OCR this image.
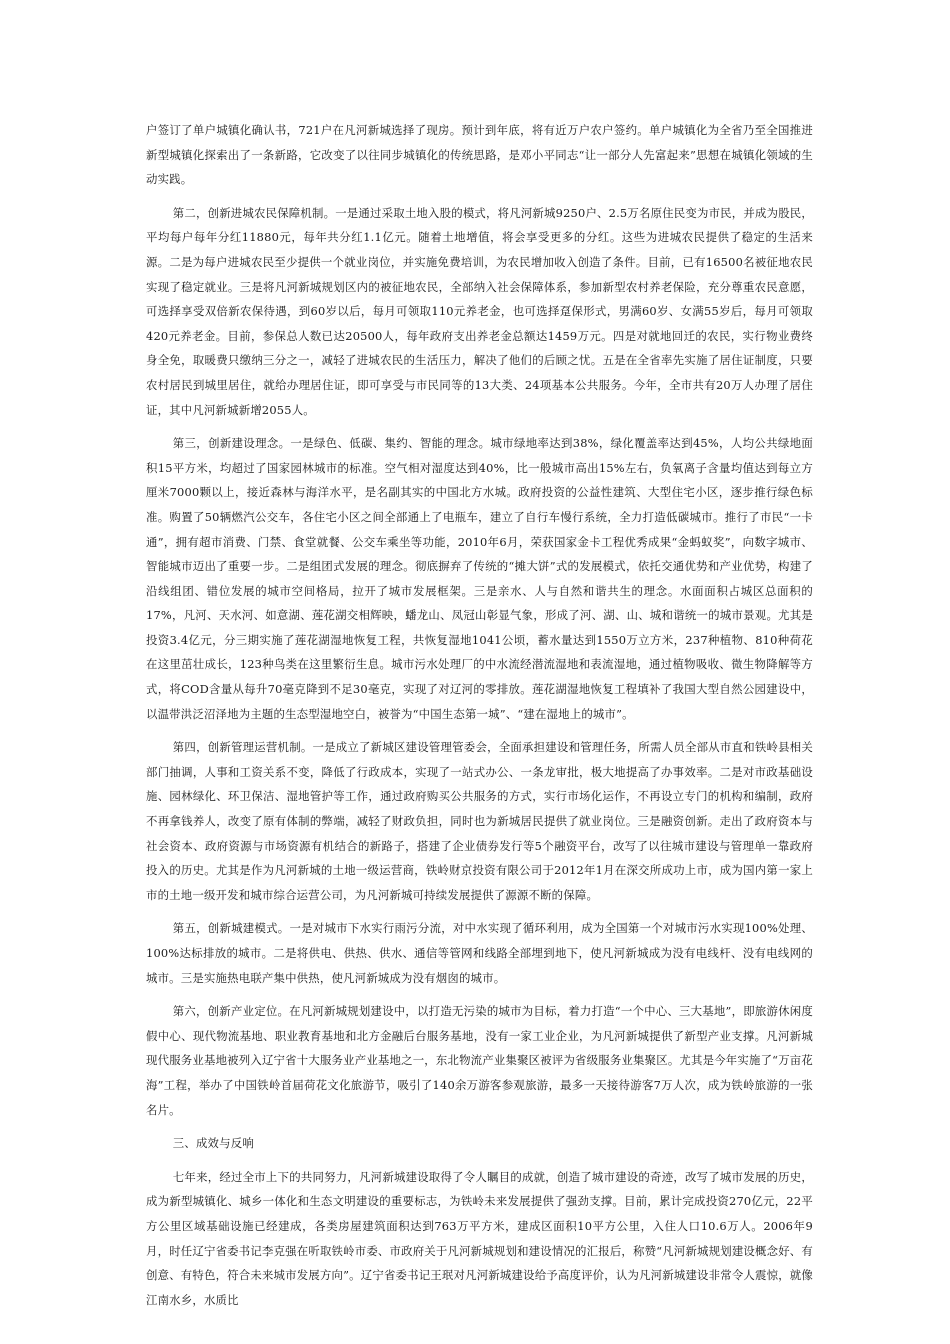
户签订了单户城镇化确认书，721户在凡河新城选择了现房。预计到年底，将有近万户农户签约。单户城镇化为全省乃至全国推进新型城镇化探索出了一条新路，它改变了以往同步城镇化的传统思路，是邓小平同志“让一部分人先富起来”思想在城镇化领域的生动实践。

第二，创新进城农民保障机制。一是通过采取土地入股的模式，将凡河新城9250户、2.5万名原住民变为市民，并成为股民，平均每户每年分红11880元，每年共分红1.1亿元。随着土地增值，将会享受更多的分红。这些为进城农民提供了稳定的生活来源。二是为每户进城农民至少提供一个就业岗位，并实施免费培训，为农民增加收入创造了条件。目前，已有16500名被征地农民实现了稳定就业。三是将凡河新城规划区内的被征地农民，全部纳入社会保障体系，参加新型农村养老保险，充分尊重农民意愿，可选择享受双倍新农保待遇，到60岁以后，每月可领取110元养老金，也可选择趸保形式，男满60岁、女满55岁后，每月可领取420元养老金。目前，参保总人数已达20500人，每年政府支出养老金总额达1459万元。四是对就地回迁的农民，实行物业费终身全免，取暖费只缴纳三分之一，减轻了进城农民的生活压力，解决了他们的后顾之忧。五是在全省率先实施了居住证制度，只要农村居民到城里居住，就给办理居住证，即可享受与市民同等的13大类、24项基本公共服务。今年，全市共有20万人办理了居住证，其中凡河新城新增2055人。

第三，创新建设理念。一是绿色、低碳、集约、智能的理念。城市绿地率达到38%，绿化覆盖率达到45%，人均公共绿地面积15平方米，均超过了国家园林城市的标准。空气相对湿度达到40%，比一般城市高出15%左右，负氧离子含量均值达到每立方厘米7000颗以上，接近森林与海洋水平，是名副其实的中国北方水城。政府投资的公益性建筑、大型住宅小区，逐步推行绿色标准。购置了50辆燃汽公交车，各住宅小区之间全部通上了电瓶车，建立了自行车慢行系统，全力打造低碳城市。推行了市民“一卡通”，拥有超市消费、门禁、食堂就餐、公交车乘坐等功能，2010年6月，荣获国家金卡工程优秀成果“金蚂蚁奖”，向数字城市、智能城市迈出了重要一步。二是组团式发展的理念。彻底摒弃了传统的“摊大饼”式的发展模式，依托交通优势和产业优势，构建了沿线组团、错位发展的城市空间格局，拉开了城市发展框架。三是亲水、人与自然和谐共生的理念。水面面积占城区总面积的17%，凡河、天水河、如意湖、莲花湖交相辉映，蟠龙山、凤冠山彰显气象，形成了河、湖、山、城和谐统一的城市景观。尤其是投资3.4亿元，分三期实施了莲花湖湿地恢复工程，共恢复湿地1041公顷，蓄水量达到1550万立方米，237种植物、810种荷花在这里茁壮成长，123种鸟类在这里繁衍生息。城市污水处理厂的中水流经潜流湿地和表流湿地，通过植物吸收、微生物降解等方式，将COD含量从每升70毫克降到不足30毫克，实现了对辽河的零排放。莲花湖湿地恢复工程填补了我国大型自然公园建设中，以温带洪泛沼泽地为主题的生态型湿地空白，被誉为“中国生态第一城”、“建在湿地上的城市”。

第四，创新管理运营机制。一是成立了新城区建设管理管委会，全面承担建设和管理任务，所需人员全部从市直和铁岭县相关部门抽调，人事和工资关系不变，降低了行政成本，实现了一站式办公、一条龙审批，极大地提高了办事效率。二是对市政基础设施、园林绿化、环卫保洁、湿地管护等工作，通过政府购买公共服务的方式，实行市场化运作，不再设立专门的机构和编制，政府不再拿钱养人，改变了原有体制的弊端，减轻了财政负担，同时也为新城居民提供了就业岗位。三是融资创新。走出了政府资本与社会资本、政府资源与市场资源有机结合的新路子，搭建了企业债券发行等5个融资平台，改写了以往城市建设与管理单一靠政府投入的历史。尤其是作为凡河新城的土地一级运营商，铁岭财京投资有限公司于2012年1月在深交所成功上市，成为国内第一家上市的土地一级开发和城市综合运营公司，为凡河新城可持续发展提供了源源不断的保障。

第五，创新城建模式。一是对城市下水实行雨污分流，对中水实现了循环利用，成为全国第一个对城市污水实现100%处理、100%达标排放的城市。二是将供电、供热、供水、通信等管网和线路全部埋到地下，使凡河新城成为没有电线杆、没有电线网的城市。三是实施热电联产集中供热，使凡河新城成为没有烟囱的城市。

第六，创新产业定位。在凡河新城规划建设中，以打造无污染的城市为目标，着力打造“一个中心、三大基地”，即旅游休闲度假中心、现代物流基地、职业教育基地和北方金融后台服务基地，没有一家工业企业，为凡河新城提供了新型产业支撑。凡河新城现代服务业基地被列入辽宁省十大服务业产业基地之一，东北物流产业集聚区被评为省级服务业集聚区。尤其是今年实施了“万亩花海”工程，举办了中国铁岭首届荷花文化旅游节，吸引了140余万游客参观旅游，最多一天接待游客7万人次，成为铁岭旅游的一张名片。

三、成效与反响

七年来，经过全市上下的共同努力，凡河新城建设取得了令人瞩目的成就，创造了城市建设的奇迹，改写了城市发展的历史，成为新型城镇化、城乡一体化和生态文明建设的重要标志，为铁岭未来发展提供了强劲支撑。目前，累计完成投资270亿元，22平方公里区域基础设施已经建成，各类房屋建筑面积达到763万平方米，建成区面积10平方公里，入住人口10.6万人。2006年9月，时任辽宁省委书记李克强在听取铁岭市委、市政府关于凡河新城规划和建设情况的汇报后，称赞“凡河新城规划建设概念好、有创意、有特色，符合未来城市发展方向”。辽宁省委书记王珉对凡河新城建设给予高度评价，认为凡河新城建设非常令人震惊，就像江南水乡，水质比
